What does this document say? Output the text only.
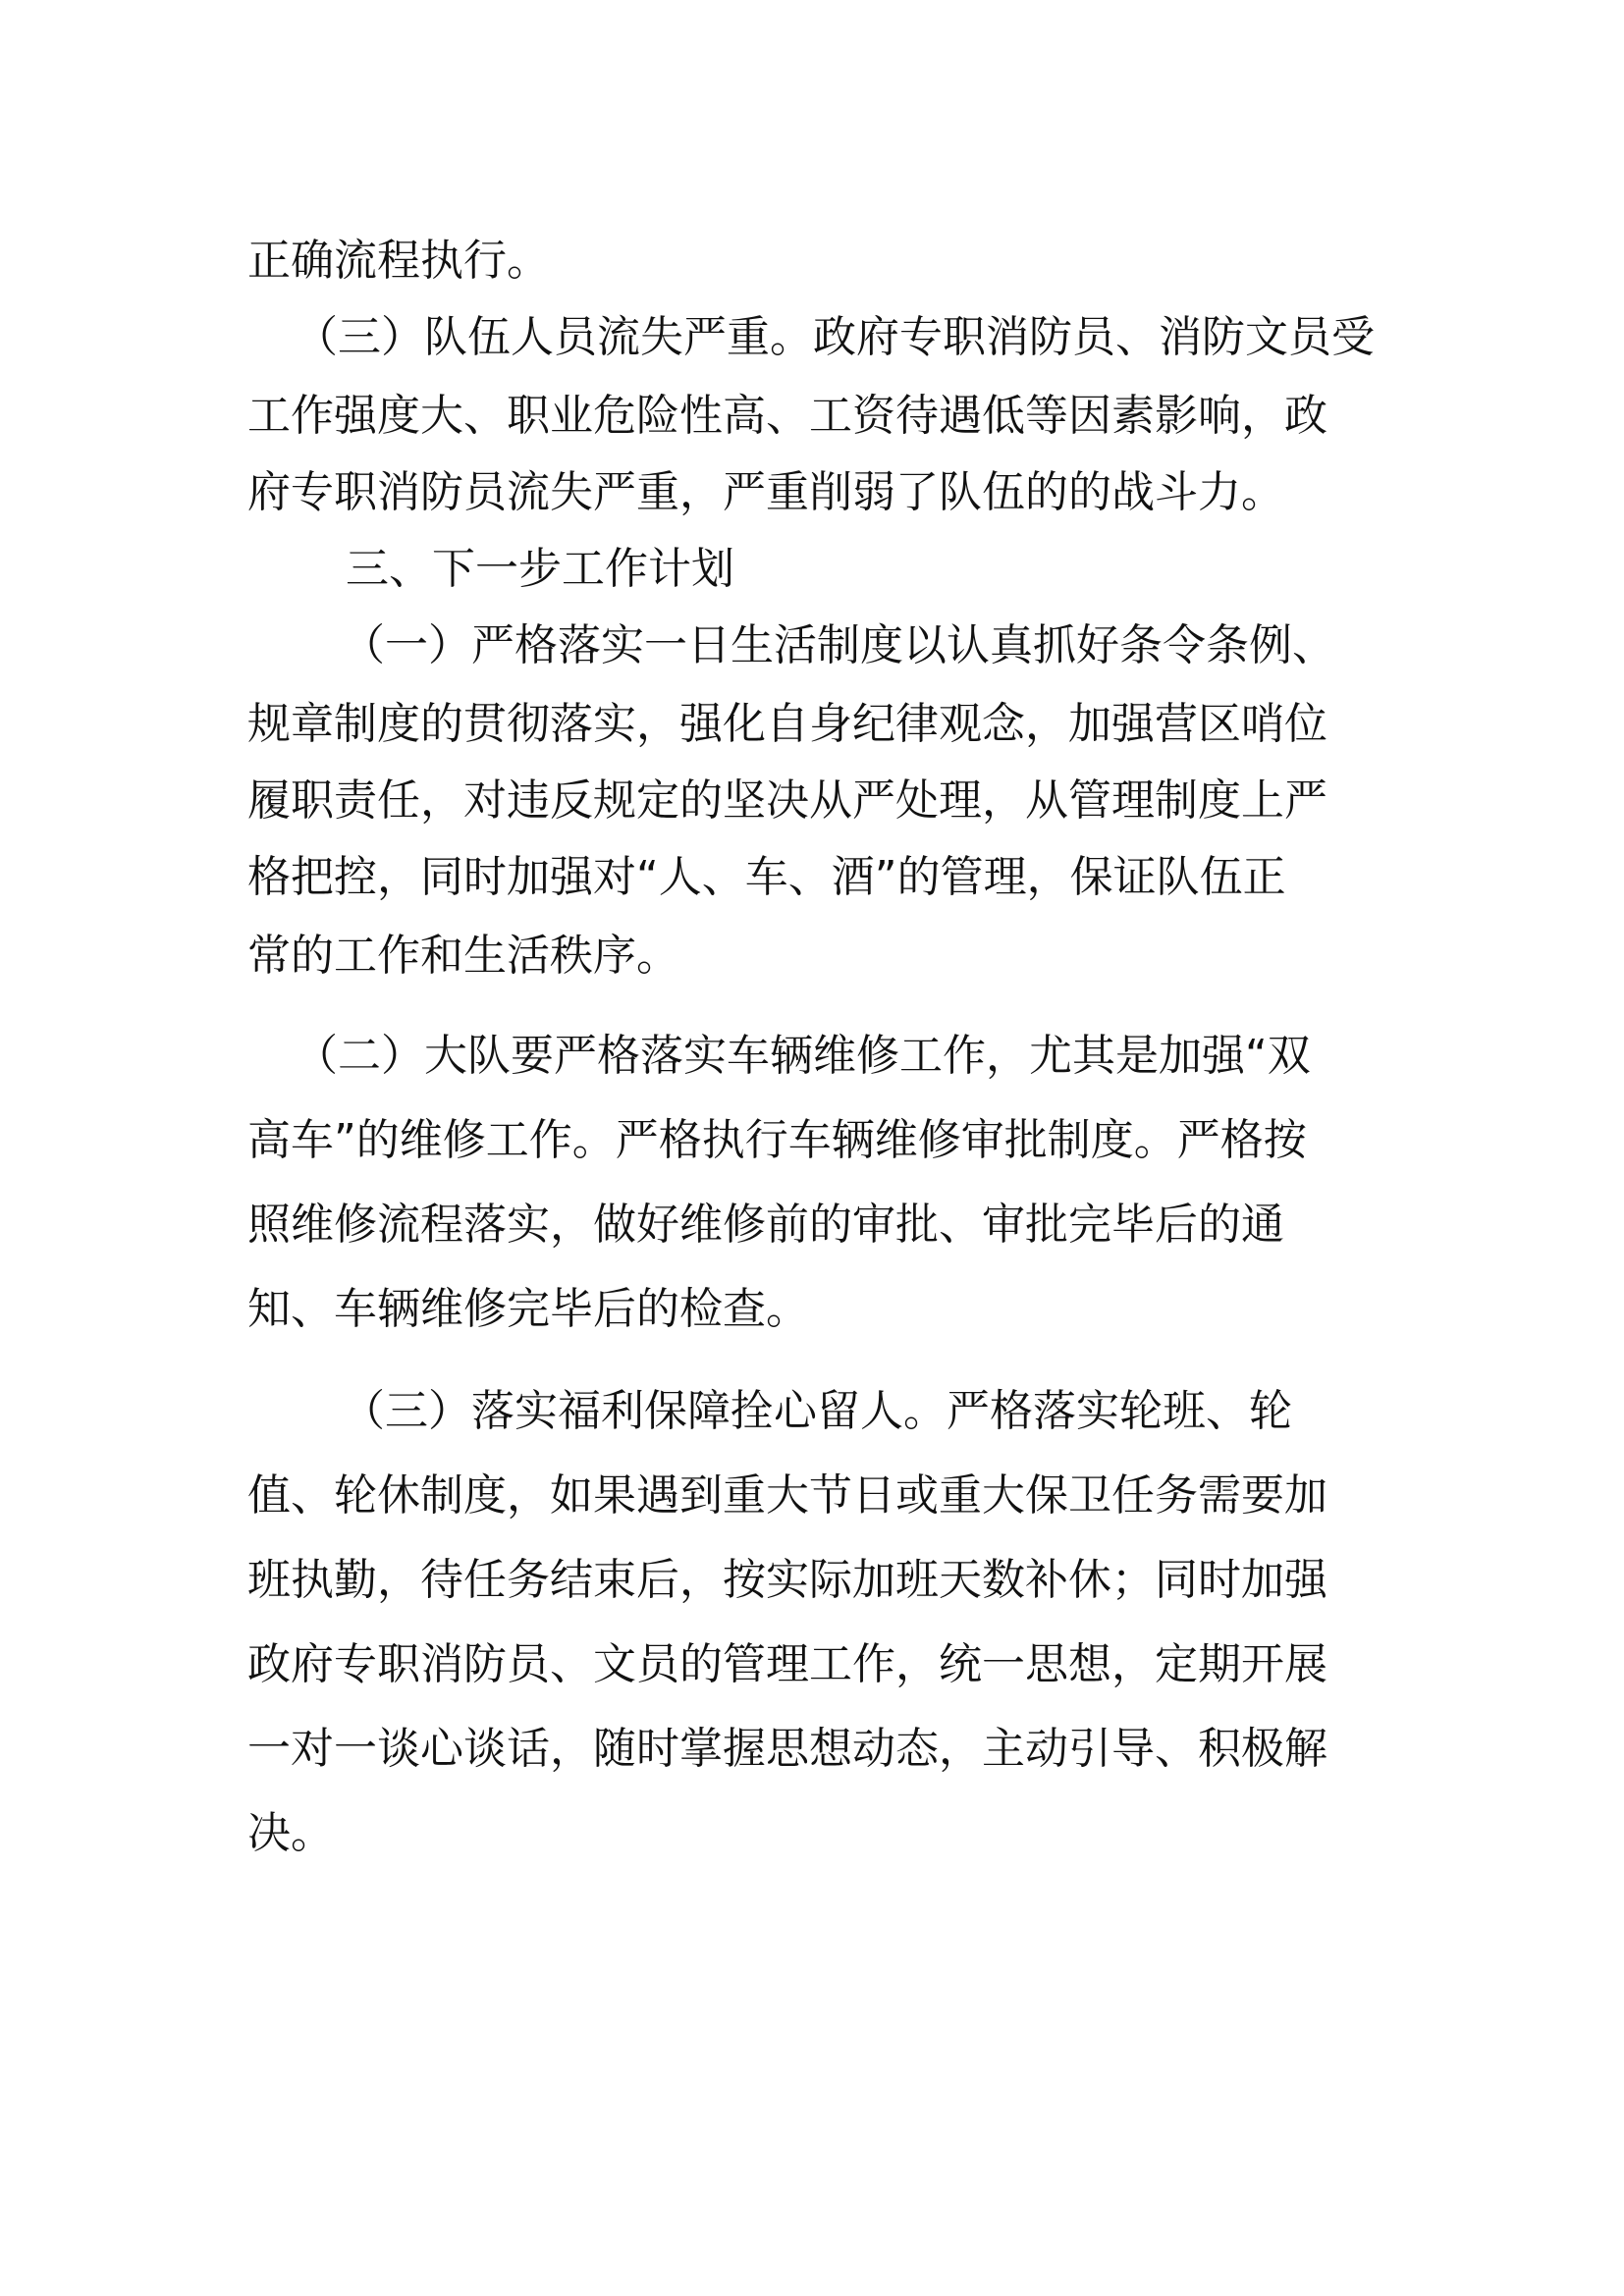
正确流程执行。

（三）队伍人员流失严重。政府专职消防员、消防文员受

工作强度大、职业危险性高、工资待遇低等因素影响，政

府专职消防员流失严重，严重削弱了队伍的的战斗力。

三、下一步工作计划

（一）严格落实一日生活制度以认真抓好条令条例、

规章制度的贯彻落实，强化自身纪律观念，加强营区哨位

履职责任，对违反规定的坚决从严处理，从管理制度上严

格把控，同时加强对“人、车、酒”的管理，保证队伍正

常的工作和生活秩序。

（二）大队要严格落实车辆维修工作，尤其是加强“双

高车”的维修工作。严格执行车辆维修审批制度。严格按

照维修流程落实，做好维修前的审批、审批完毕后的通

知、车辆维修完毕后的检查。

（三）落实福利保障拴心留人。严格落实轮班、轮

值、轮休制度，如果遇到重大节日或重大保卫任务需要加

班执勤，待任务结束后，按实际加班天数补休；同时加强

政府专职消防员、文员的管理工作，统一思想，定期开展

一对一谈心谈话，随时掌握思想动态，主动引导、积极解

决。
